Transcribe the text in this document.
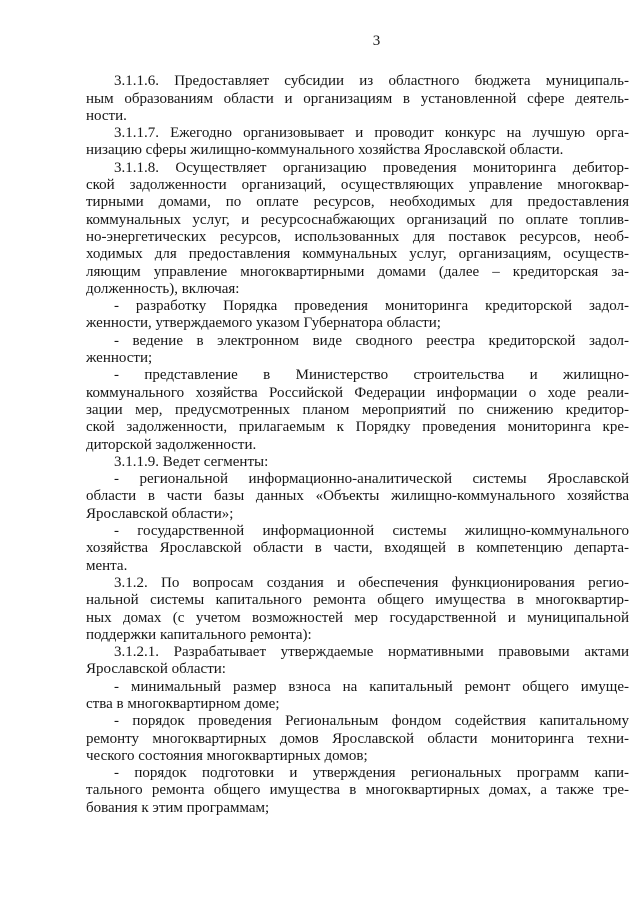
3
3.1.1.6. Предоставляет субсидии из областного бюджета муниципаль-
ным образованиям области и организациям в установленной сфере деятель-
ности.
3.1.1.7. Ежегодно организовывает и проводит конкурс на лучшую орга-
низацию сферы жилищно-коммунального хозяйства Ярославской области.
3.1.1.8. Осуществляет организацию проведения мониторинга дебитор-
ской задолженности организаций, осуществляющих управление многоквар-
тирными домами, по оплате ресурсов, необходимых для предоставления
коммунальных услуг, и ресурсоснабжающих организаций по оплате топлив-
но-энергетических ресурсов, использованных для поставок ресурсов, необ-
ходимых для предоставления коммунальных услуг, организациям, осуществ-
ляющим управление многоквартирными домами (далее – кредиторская за-
долженность), включая:
- разработку Порядка проведения мониторинга кредиторской задол-
женности, утверждаемого указом Губернатора области;
- ведение в электронном виде сводного реестра кредиторской задол-
женности;
- представление в Министерство строительства и жилищно-
коммунального хозяйства Российской Федерации информации о ходе реали-
зации мер, предусмотренных планом мероприятий по снижению кредитор-
ской задолженности, прилагаемым к Порядку проведения мониторинга кре-
диторской задолженности.
3.1.1.9. Ведет сегменты:
- региональной информационно-аналитической системы Ярославской
области в части базы данных «Объекты жилищно-коммунального хозяйства
Ярославской области»;
- государственной информационной системы жилищно-коммунального
хозяйства Ярославской области в части, входящей в компетенцию департа-
мента.
3.1.2. По вопросам создания и обеспечения функционирования регио-
нальной системы капитального ремонта общего имущества в многоквартир-
ных домах (с учетом возможностей мер государственной и муниципальной
поддержки капитального ремонта):
3.1.2.1. Разрабатывает утверждаемые нормативными правовыми актами
Ярославской области:
- минимальный размер взноса на капитальный ремонт общего имуще-
ства в многоквартирном доме;
- порядок проведения Региональным фондом содействия капитальному
ремонту многоквартирных домов Ярославской области мониторинга техни-
ческого состояния многоквартирных домов;
- порядок подготовки и утверждения региональных программ капи-
тального ремонта общего имущества в многоквартирных домах, а также тре-
бования к этим программам;
